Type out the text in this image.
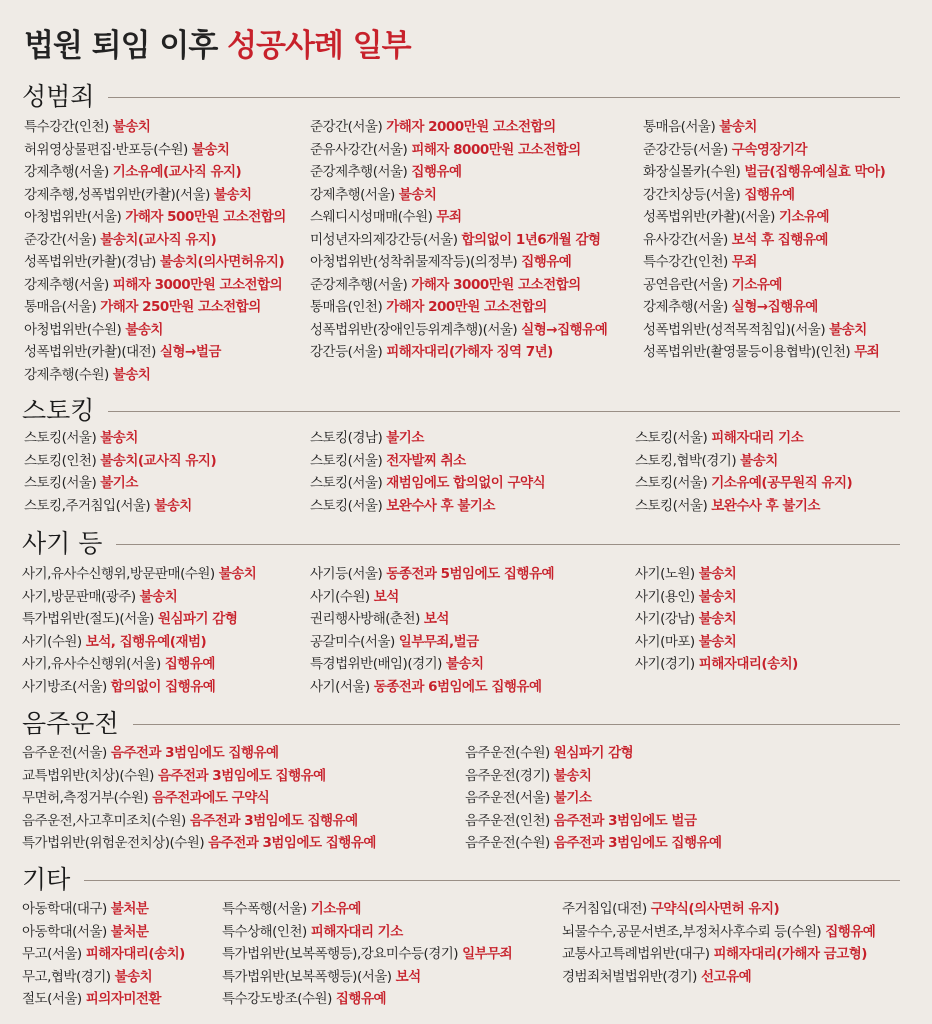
법원 퇴임 이후 성공사례 일부
성범죄
특수강간(인천) 불송치
허위영상물편집·반포등(수원) 불송치
강제추행(서울) 기소유예(교사직 유지)
강제추행,성폭법위반(카촬)(서울) 불송치
아청법위반(서울) 가해자 500만원 고소전합의
준강간(서울) 불송치(교사직 유지)
성폭법위반(카촬)(경남) 불송치(의사면허유지)
강제추행(서울) 피해자 3000만원 고소전합의
통매음(서울) 가해자 250만원 고소전합의
아청법위반(수원) 불송치
성폭법위반(카촬)(대전) 실형→벌금
강제추행(수원) 불송치
준강간(서울) 가해자 2000만원 고소전합의
준유사강간(서울) 피해자 8000만원 고소전합의
준강제추행(서울) 집행유예
강제추행(서울) 불송치
스웨디시성매매(수원) 무죄
미성년자의제강간등(서울) 합의없이 1년6개월 감형
아청법위반(성착취물제작등)(의정부) 집행유예
준강제추행(서울) 가해자 3000만원 고소전합의
통매음(인천) 가해자 200만원 고소전합의
성폭법위반(장애인등위계추행)(서울) 실형→집행유예
강간등(서울) 피해자대리(가해자 징역 7년)
통매음(서울) 불송치
준강간등(서울) 구속영장기각
화장실몰카(수원) 벌금(집행유예실효 막아)
강간치상등(서울) 집행유예
성폭법위반(카촬)(서울) 기소유예
유사강간(서울) 보석 후 집행유예
특수강간(인천) 무죄
공연음란(서울) 기소유예
강제추행(서울) 실형→집행유예
성폭법위반(성적목적침입)(서울) 불송치
성폭법위반(촬영물등이용협박)(인천) 무죄
스토킹
스토킹(서울) 불송치
스토킹(인천) 불송치(교사직 유지)
스토킹(서울) 불기소
스토킹,주거침입(서울) 불송치
스토킹(경남) 불기소
스토킹(서울) 전자발찌 취소
스토킹(서울) 재범임에도 합의없이 구약식
스토킹(서울) 보완수사 후 불기소
스토킹(서울) 피해자대리 기소
스토킹,협박(경기) 불송치
스토킹(서울) 기소유예(공무원직 유지)
스토킹(서울) 보완수사 후 불기소
사기 등
사기,유사수신행위,방문판매(수원) 불송치
사기,방문판매(광주) 불송치
특가법위반(절도)(서울) 원심파기 감형
사기(수원) 보석, 집행유예(재범)
사기,유사수신행위(서울) 집행유예
사기방조(서울) 합의없이 집행유예
사기등(서울) 동종전과 5범임에도 집행유예
사기(수원) 보석
권리행사방해(춘천) 보석
공갈미수(서울) 일부무죄,벌금
특경법위반(배임)(경기) 불송치
사기(서울) 동종전과 6범임에도 집행유예
사기(노원) 불송치
사기(용인) 불송치
사기(강남) 불송치
사기(마포) 불송치
사기(경기) 피해자대리(송치)
음주운전
음주운전(서울) 음주전과 3범임에도 집행유예
교특법위반(치상)(수원) 음주전과 3범임에도 집행유예
무면허,측정거부(수원) 음주전과에도 구약식
음주운전,사고후미조치(수원) 음주전과 3범임에도 집행유예
특가법위반(위험운전치상)(수원) 음주전과 3범임에도 집행유예
음주운전(수원) 원심파기 감형
음주운전(경기) 불송치
음주운전(서울) 불기소
음주운전(인천) 음주전과 3범임에도 벌금
음주운전(수원) 음주전과 3범임에도 집행유예
기타
아동학대(대구) 불처분
아동학대(서울) 불처분
무고(서울) 피해자대리(송치)
무고,협박(경기) 불송치
절도(서울) 피의자미전환
특수폭행(서울) 기소유예
특수상해(인천) 피해자대리 기소
특가법위반(보복폭행등),강요미수등(경기) 일부무죄
특가법위반(보복폭행등)(서울) 보석
특수강도방조(수원) 집행유예
주거침입(대전) 구약식(의사면허 유지)
뇌물수수,공문서변조,부정처사후수뢰 등(수원) 집행유예
교통사고특례법위반(대구) 피해자대리(가해자 금고형)
경범죄처벌법위반(경기) 선고유예
